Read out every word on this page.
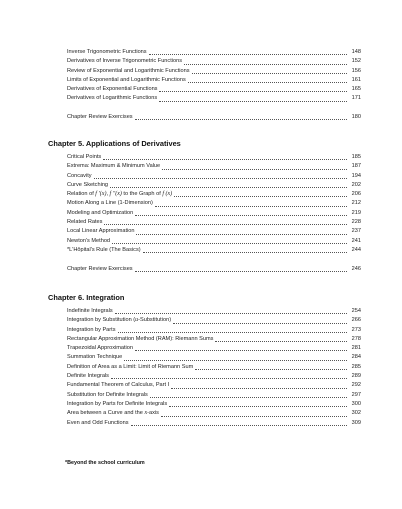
Inverse Trigonometric Functions	148
Derivatives of Inverse Trigonometric Functions	152
Review of Exponential and Logarithmic Functions	156
Limits of Exponential and Logarithmic Functions	161
Derivatives of Exponential Functions	165
Derivatives of Logarithmic Functions	171
Chapter Review Exercises	180
Chapter 5. Applications of Derivatives
Critical Points	185
Extrema: Maximum & Minimum Value	187
Concavity	194
Curve Sketching	202
Relation of f ′(x), f ″(x) to the Graph of f (x)	206
Motion Along a Line (1-Dimension)	212
Modeling and Optimization	219
Related Rates	228
Local Linear Approximation	237
Newton's Method	241
*L'Hôpital's Rule (The Basics)	244
Chapter Review Exercises	246
Chapter 6. Integration
Indefinite Integrals	254
Integration by Substitution (u-Substitution)	266
Integration by Parts	273
Rectangular Approximation Method (RAM): Riemann Sums	278
Trapezoidal Approximation	281
Summation Technique	284
Definition of Area as a Limit: Limit of Riemann Sum	285
Definite Integrals	289
Fundamental Theorem of Calculus, Part Ⅰ	292
Substitution for Definite Integrals	297
Integration by Parts for Definite Integrals	300
Area between a Curve and the x-axis	302
Even and Odd Functions	309
*Beyond the school curriculum
